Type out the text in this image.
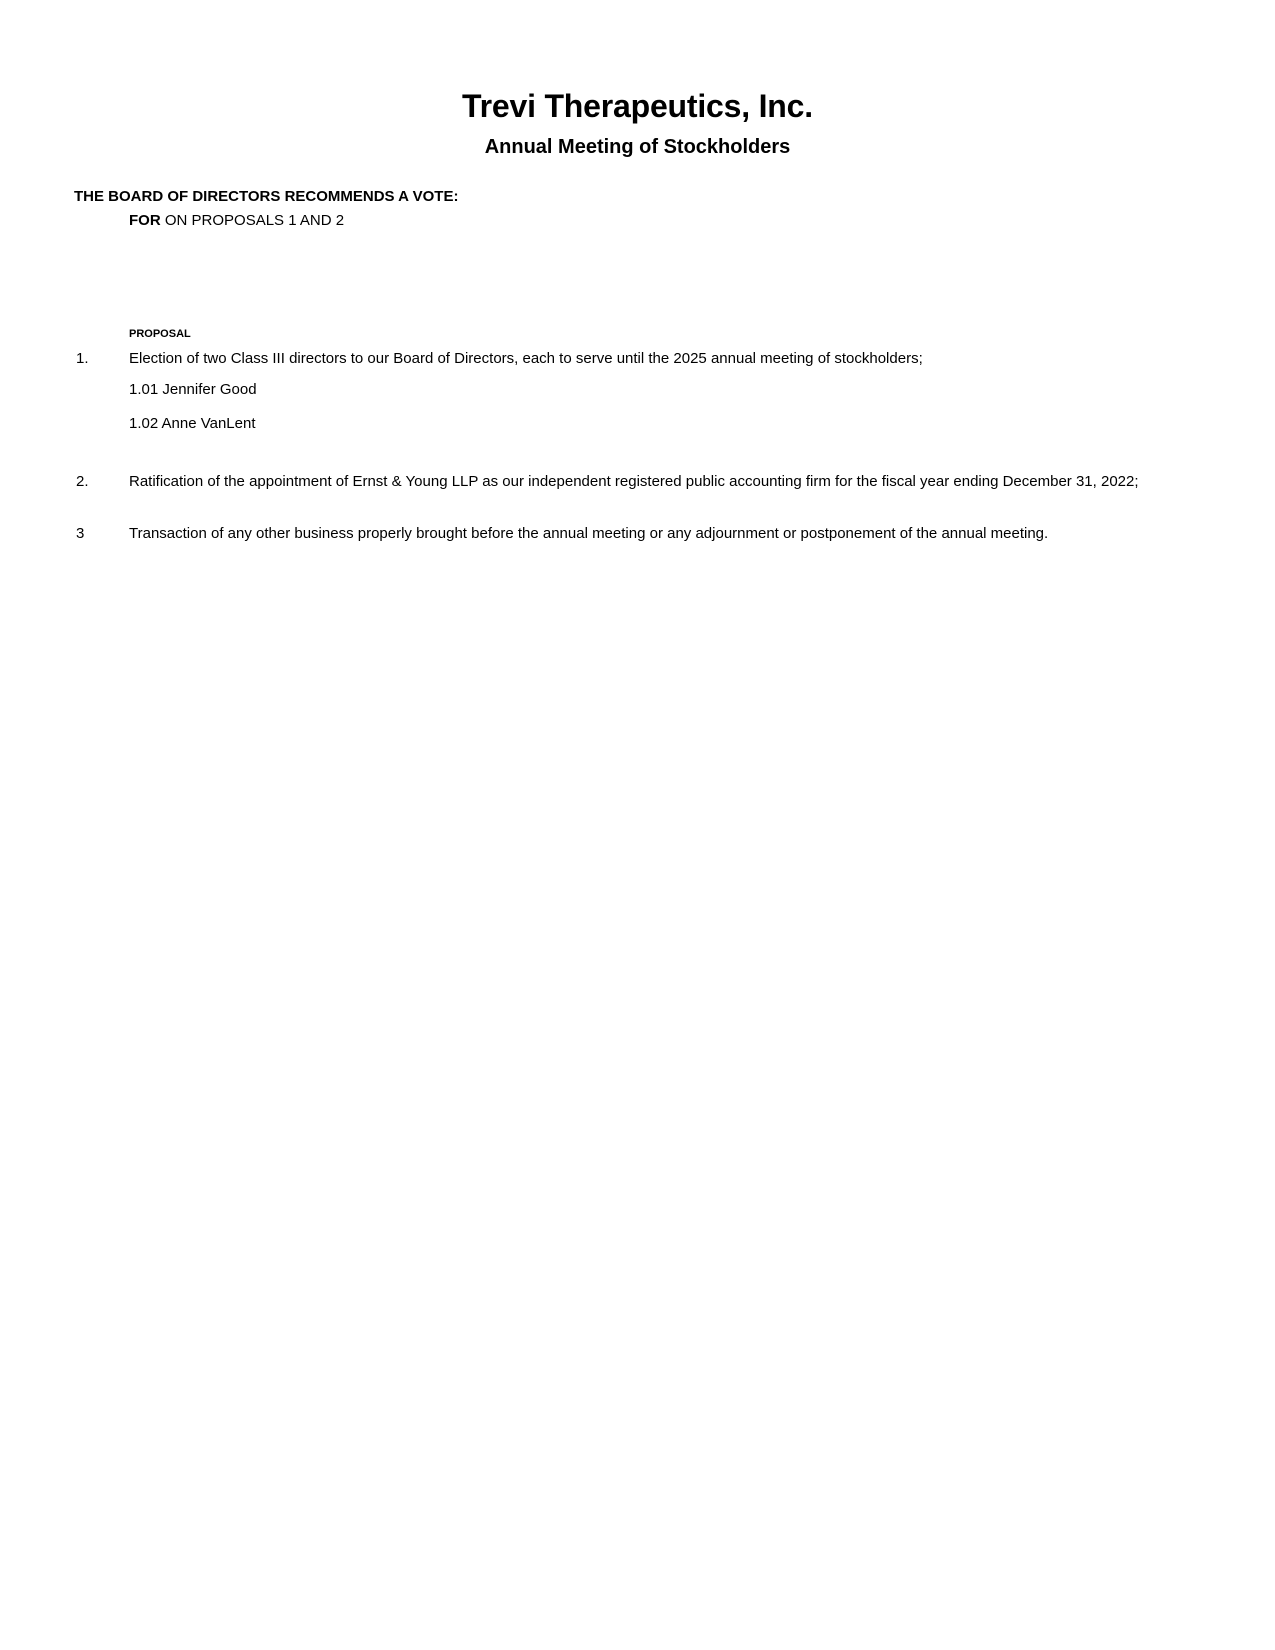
Trevi Therapeutics, Inc.
Annual Meeting of Stockholders
THE BOARD OF DIRECTORS RECOMMENDS A VOTE:
FOR ON PROPOSALS 1 AND 2
PROPOSAL
1.	Election of two Class III directors to our Board of Directors, each to serve until the 2025 annual meeting of stockholders;
1.01 Jennifer Good
1.02 Anne VanLent
2.	Ratification of the appointment of Ernst & Young LLP as our independent registered public accounting firm for the fiscal year ending December 31, 2022;
3	Transaction of any other business properly brought before the annual meeting or any adjournment or postponement of the annual meeting.
